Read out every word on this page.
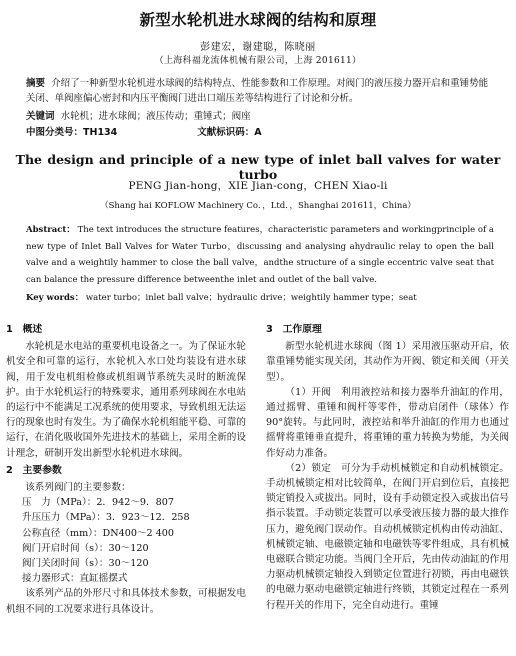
新型水轮机进水球阀的结构和原理
彭建宏，谢建聪，陈晓丽
（上海科福龙流体机械有限公司，上海 201611）
摘要 介绍了一种新型水轮机进水球阀的结构特点、性能参数和工作原理。对阀门的液压接力器开启和重锤势能关闭、单阀座偏心密封和内压平衡阀门进出口端压差等结构进行了讨论和分析。
关键词 水轮机；进水球阀；液压传动；重锤式；阀座
中图分类号：TH134	文献标识码：A
The design and principle of a new type of inlet ball valves for water turbo
PENG Jian-hong，XIE Jian-cong，CHEN Xiao-li
（Shang hai KOFLOW Machinery Co．，Ltd．，Shanghai 201611，China）
Abstract： The text introduces the structure features，characteristic parameters and workingprinciple of a new type of Inlet Ball Valves for Water Turbo，discussing and analysing ahydraulic relay to open the ball valve and a weightily hammer to close the ball valve，andthe structure of a single eccentric valve seat that can balance the pressure difference betweenthe inlet and outlet of the ball valve.
Key words： water turbo；inlet ball valve；hydraulic drive；weightily hammer type；seat

1　概述

水轮机是水电站的重要机电设备之一。为了保证水轮机安全和可靠的运行，水轮机入水口处均装设有进水球阀，用于发电机组检修或机组调节系统失灵时的断流保护。由于水轮机运行的特殊要求，通用系列球阀在水电站的运行中不能满足工况系统的使用要求，导致机组无法运行的现象也时有发生。为了确保水轮机组能平稳、可靠的运行，在消化吸收国外先进技术的基础上，采用全新的设计理念，研制开发出新型水轮机进水球阀。

2　主要参数

该系列阀门的主要参数：
压　力（MPa）：2．942～9．807
升压压力（MPa）：3．923～12．258
公称直径（mm）：DN400～2 400
阀门开启时间（s）：30～120
阀门关闭时间（s）：30～120
接力器形式：直缸摇摆式

该系列产品的外形尺寸和具体技术参数，可根据发电机组不同的工况要求进行具体设计。

3　工作原理

新型水轮机进水球阀（图 1）采用液压驱动开启，依靠重锤势能实现关闭，其动作为开阀、锁定和关阀（开关型）。

（1）开阀　利用液控站和接力器举升油缸的作用，通过摇臂、重锤和阀杆等零件，带动启闭件（球体）作 90°旋转。与此同时，液控站和举升油缸的作用力也通过摇臂将重锤垂直提升，将重锤的重力转换为势能，为关阀作好动力准备。

（2）锁定　可分为手动机械锁定和自动机械锁定。手动机械锁定相对比较简单，在阀门开启到位后，直接把锁定销投入或拔出。同时，设有手动锁定投入或拔出信号指示装置。手动锁定装置可以承受液压接力器的最大推作压力，避免阀门误动作。自动机械锁定机构由传动油缸、机械锁定轴、电磁锁定轴和电磁铁等零件组成，具有机械电磁联合锁定功能。当阀门全开后，先由传动油缸的作用力驱动机械锁定轴投入到锁定位置进行初锁，再由电磁铁的电磁力驱动电磁锁定轴进行终锁，其锁定过程在一系列行程开关的作用下，完全自动进行。重锤
